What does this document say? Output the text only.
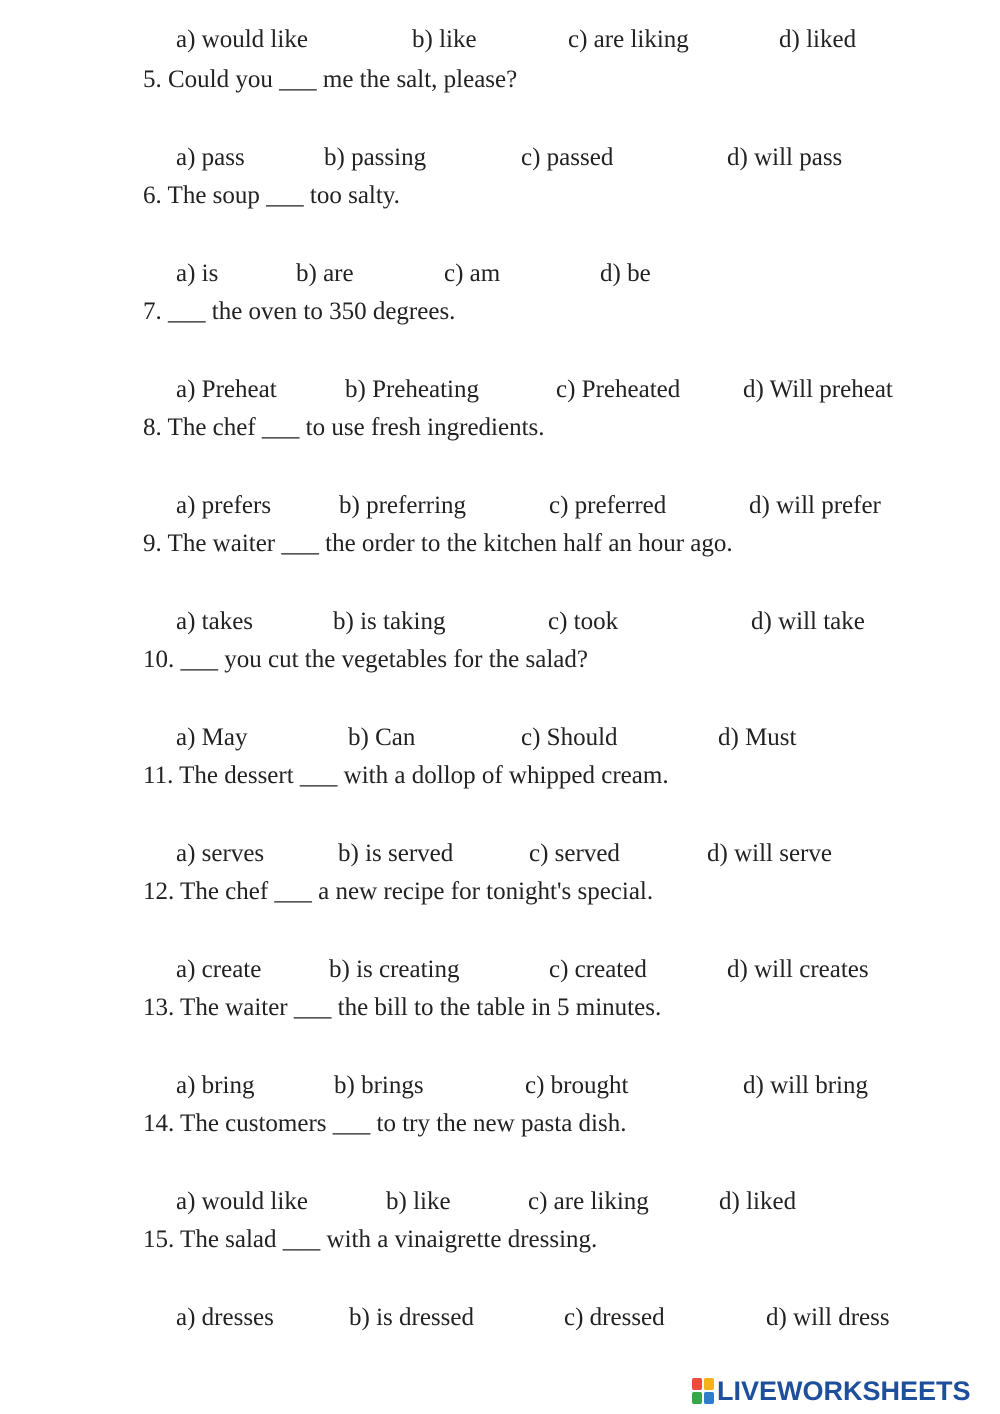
a) would like	b) like	c) are liking	d) liked
5. Could you ___ me the salt, please?
a) pass	b) passing	c) passed	d) will pass
6. The soup ___ too salty.
a) is	b) are	c) am	d) be
7. ___ the oven to 350 degrees.
a) Preheat	b) Preheating	c) Preheated	d) Will preheat
8. The chef ___ to use fresh ingredients.
a) prefers	b) preferring	c) preferred	d) will prefer
9. The waiter ___ the order to the kitchen half an hour ago.
a) takes	b) is taking	c) took	d) will take
10. ___ you cut the vegetables for the salad?
a) May	b) Can	c) Should	d) Must
11. The dessert ___ with a dollop of whipped cream.
a) serves	b) is served	c) served	d) will serve
12. The chef ___ a new recipe for tonight's special.
a) create	b) is creating	c) created	d) will creates
13. The waiter ___ the bill to the table in 5 minutes.
a) bring	b) brings	c) brought	d) will bring
14. The customers ___ to try the new pasta dish.
a) would like	b) like	c) are liking	d) liked
15. The salad ___ with a vinaigrette dressing.
a) dresses	b) is dressed	c) dressed	d) will dress
LIVEWORKSHEETS
